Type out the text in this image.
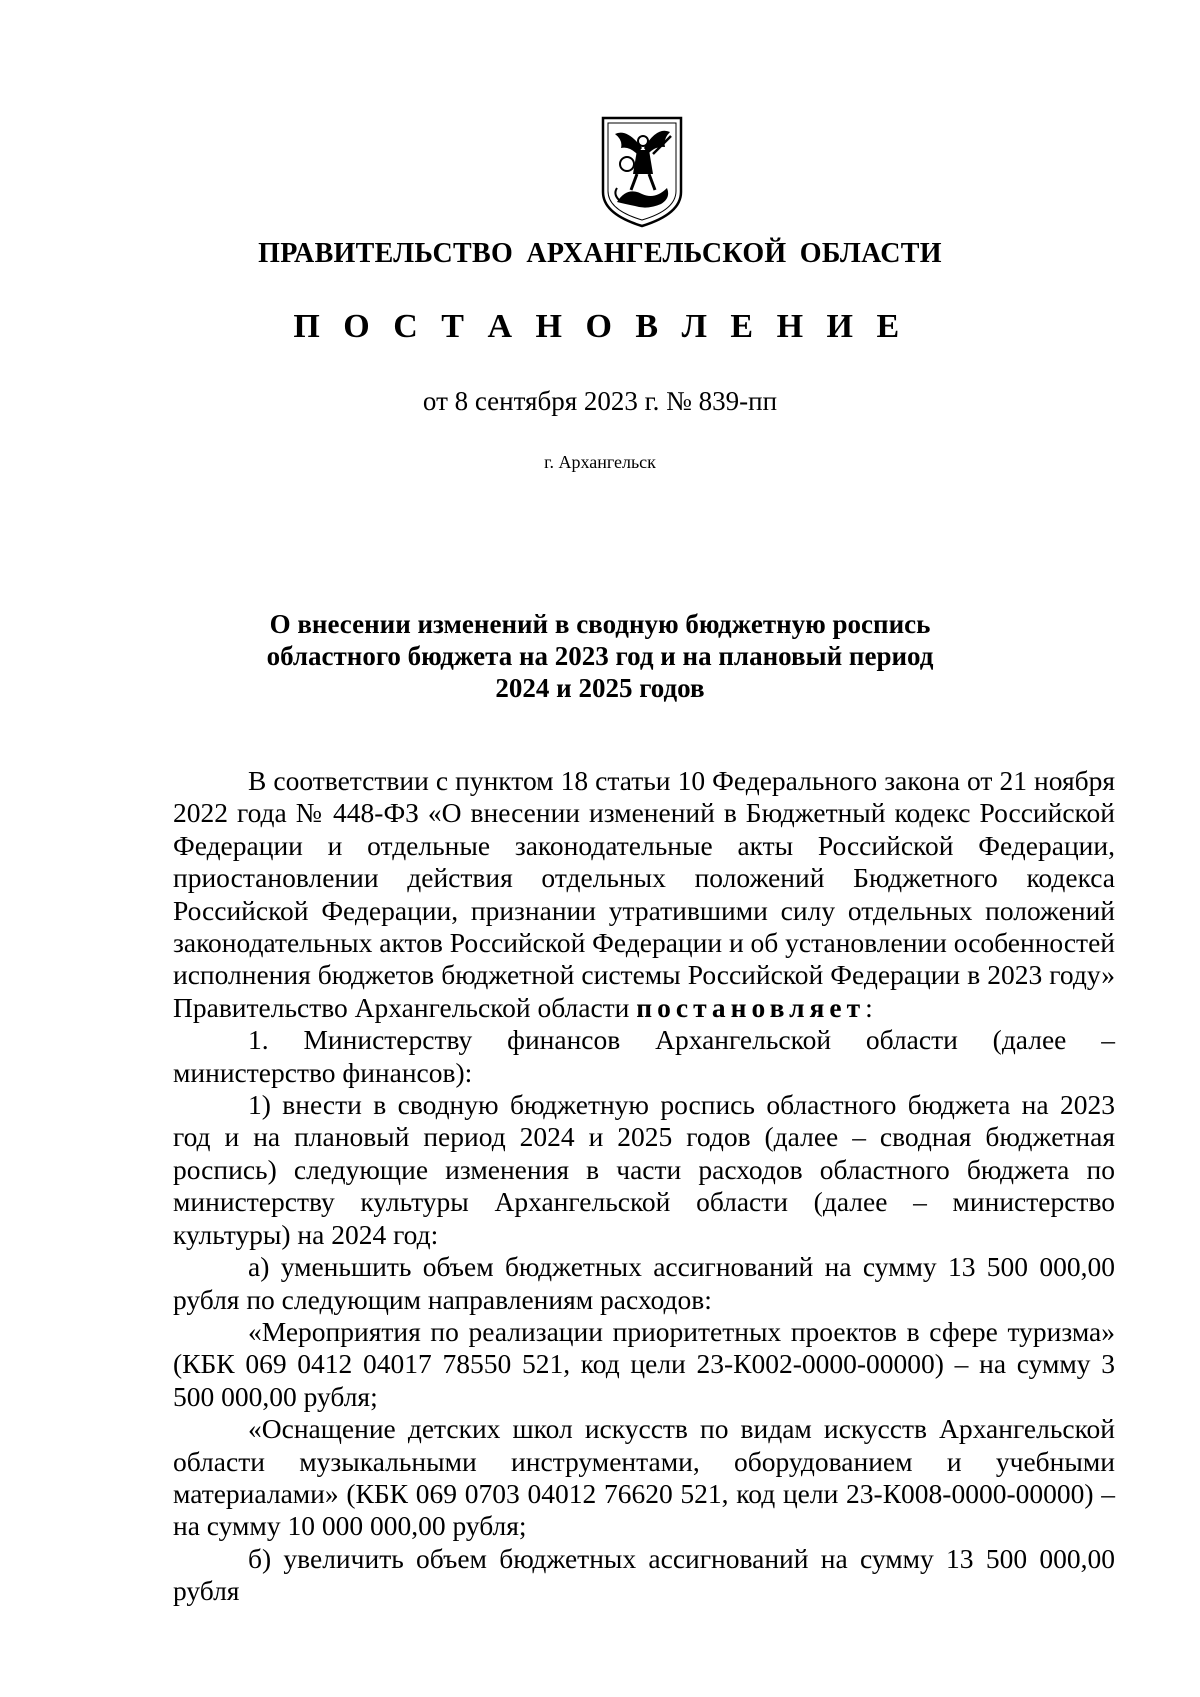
ПРАВИТЕЛЬСТВО АРХАНГЕЛЬСКОЙ ОБЛАСТИ
П О С Т А Н О В Л Е Н И Е
от 8 сентября 2023 г. № 839-пп
г. Архангельск
О внесении изменений в сводную бюджетную роспись
областного бюджета на 2023 год и на плановый период
2024 и 2025 годов

В соответствии с пунктом 18 статьи 10 Федерального закона от 21 ноября 2022 года № 448-ФЗ «О внесении изменений в Бюджетный кодекс Российской Федерации и отдельные законодательные акты Российской Федерации, приостановлении действия отдельных положений Бюджетного кодекса Российской Федерации, признании утратившими силу отдельных положений законодательных актов Российской Федерации и об установлении особенностей исполнения бюджетов бюджетной системы Российской Федерации в 2023 году» Правительство Архангельской области постановляет:

1. Министерству финансов Архангельской области (далее – министерство финансов):

1) внести в сводную бюджетную роспись областного бюджета на 2023 год и на плановый период 2024 и 2025 годов (далее – сводная бюджетная роспись) следующие изменения в части расходов областного бюджета по министерству культуры Архангельской области (далее – министерство культуры) на 2024 год:

а) уменьшить объем бюджетных ассигнований на сумму 13 500 000,00 рубля по следующим направлениям расходов:

«Мероприятия по реализации приоритетных проектов в сфере туризма» (КБК 069 0412 04017 78550 521, код цели 23-К002-0000-00000) – на сумму 3 500 000,00 рубля;

«Оснащение детских школ искусств по видам искусств Архангельской области музыкальными инструментами, оборудованием и учебными материалами» (КБК 069 0703 04012 76620 521, код цели 23-К008-0000-00000) – на сумму 10 000 000,00 рубля;

б) увеличить объем бюджетных ассигнований на сумму 13 500 000,00 рубля
